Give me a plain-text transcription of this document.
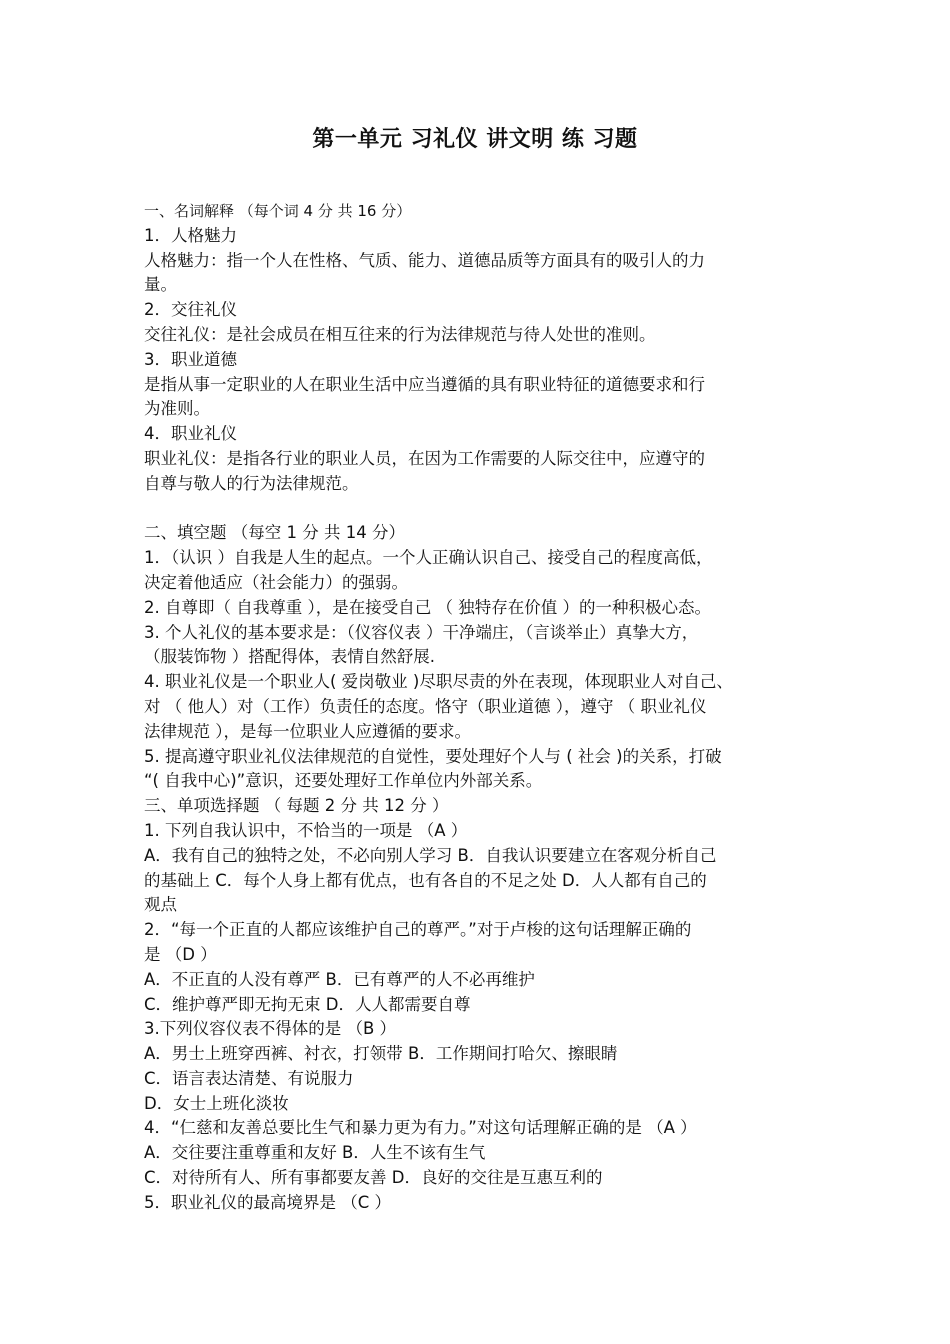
第一单元 习礼仪 讲文明 练 习题
一、名词解释 （每个词 4 分 共 16 分）
1．人格魅力
人格魅力：指一个人在性格、气质、能力、道德品质等方面具有的吸引人的力
量。
2．交往礼仪
交往礼仪：是社会成员在相互往来的行为法律规范与待人处世的准则。
3．职业道德
是指从事一定职业的人在职业生活中应当遵循的具有职业特征的道德要求和行
为准则。
4．职业礼仪
职业礼仪：是指各行业的职业人员，在因为工作需要的人际交往中，应遵守的
自尊与敬人的行为法律规范。
二、填空题 （每空 1 分 共 14 分）
1．（认识 ）自我是人生的起点。一个人正确认识自己、接受自己的程度高低，
决定着他适应（社会能力）的强弱。
2. 自尊即（ 自我尊重 ），是在接受自己 （ 独特存在价值 ）的一种积极心态。
3. 个人礼仪的基本要求是：（仪容仪表 ）干净端庄，（言谈举止）真挚大方，
（服装饰物 ）搭配得体，表情自然舒展.
4. 职业礼仪是一个职业人( 爱岗敬业 )尽职尽责的外在表现，体现职业人对自己、
对 （ 他人）对（工作）负责任的态度。恪守（职业道德 ），遵守 （ 职业礼仪
法律规范 ），是每一位职业人应遵循的要求。
5. 提高遵守职业礼仪法律规范的自觉性，要处理好个人与 ( 社会 )的关系，打破
“( 自我中心)”意识，还要处理好工作单位内外部关系。
三、单项选择题 （ 每题 2 分 共 12 分 ）
1. 下列自我认识中，不恰当的一项是 （A ）
A．我有自己的独特之处，不必向别人学习 B．自我认识要建立在客观分析自己
的基础上 C．每个人身上都有优点，也有各自的不足之处 D．人人都有自己的
观点
2．“每一个正直的人都应该维护自己的尊严。”对于卢梭的这句话理解正确的
是 （D ）
A．不正直的人没有尊严 B．已有尊严的人不必再维护
C．维护尊严即无拘无束 D．人人都需要自尊
3.下列仪容仪表不得体的是 （B ）
A．男士上班穿西裤、衬衣，打领带 B．工作期间打哈欠、擦眼睛
C．语言表达清楚、有说服力
D．女士上班化淡妆
4．“仁慈和友善总要比生气和暴力更为有力。”对这句话理解正确的是 （A ）
A．交往要注重尊重和友好 B．人生不该有生气
C．对待所有人、所有事都要友善 D．良好的交往是互惠互利的
5．职业礼仪的最高境界是 （C ）
